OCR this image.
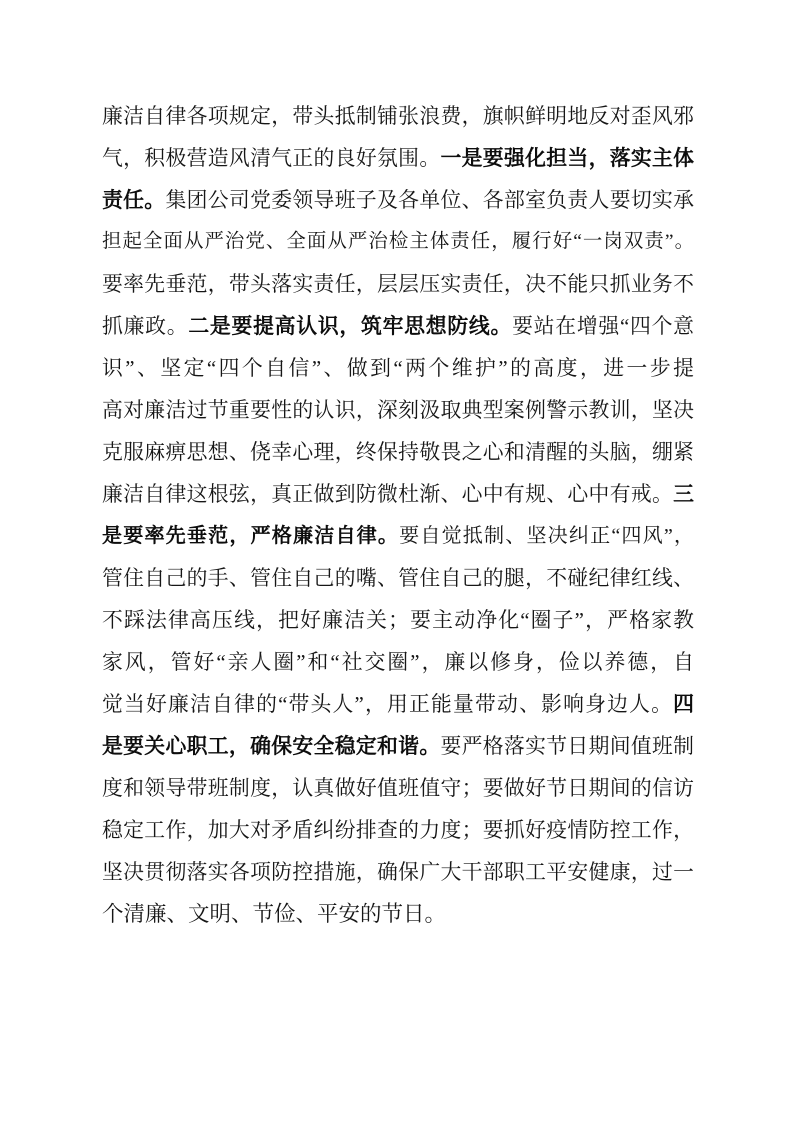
廉洁自律各项规定，带头抵制铺张浪费，旗帜鲜明地反对歪风邪
气，积极营造风清气正的良好氛围。一是要强化担当，落实主体
责任。集团公司党委领导班子及各单位、各部室负责人要切实承
担起全面从严治党、全面从严治检主体责任，履行好“一岗双责”。
要率先垂范，带头落实责任，层层压实责任，决不能只抓业务不
抓廉政。二是要提高认识，筑牢思想防线。要站在增强“四个意
识”、坚定“四个自信”、做到“两个维护”的高度，进一步提
高对廉洁过节重要性的认识，深刻汲取典型案例警示教训，坚决
克服麻痹思想、侥幸心理，终保持敬畏之心和清醒的头脑，绷紧
廉洁自律这根弦，真正做到防微杜渐、心中有规、心中有戒。三
是要率先垂范，严格廉洁自律。要自觉抵制、坚决纠正“四风”，
管住自己的手、管住自己的嘴、管住自己的腿，不碰纪律红线、
不踩法律高压线，把好廉洁关；要主动净化“圈子”，严格家教
家风，管好“亲人圈”和“社交圈”，廉以修身，俭以养德，自
觉当好廉洁自律的“带头人”，用正能量带动、影响身边人。四
是要关心职工，确保安全稳定和谐。要严格落实节日期间值班制
度和领导带班制度，认真做好值班值守；要做好节日期间的信访
稳定工作，加大对矛盾纠纷排查的力度；要抓好疫情防控工作，
坚决贯彻落实各项防控措施，确保广大干部职工平安健康，过一
个清廉、文明、节俭、平安的节日。
